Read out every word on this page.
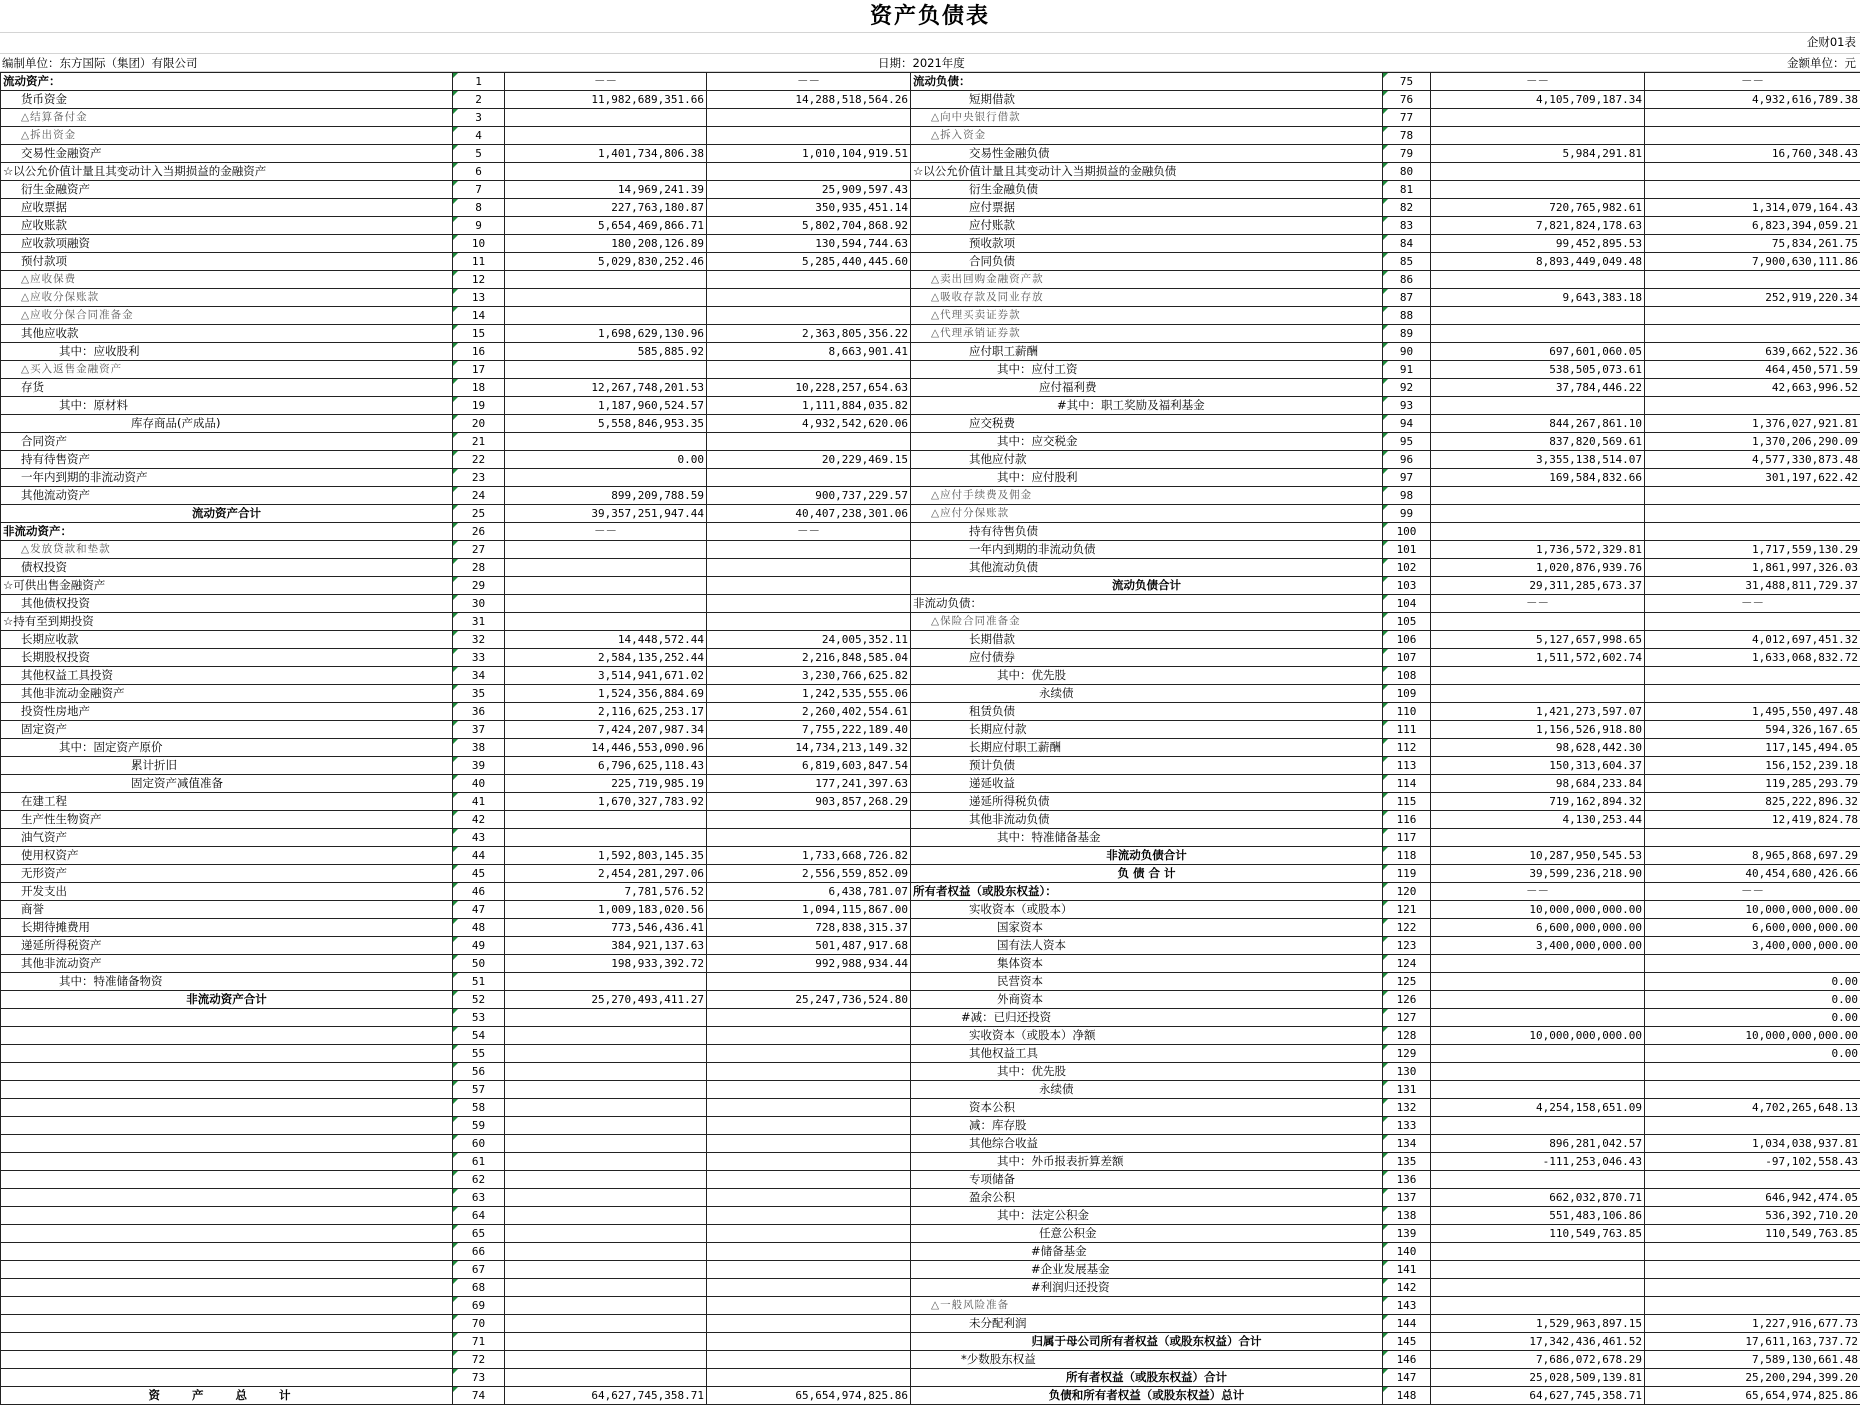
资产负债表
企财01表
编制单位：东方国际（集团）有限公司	日期：2021年度	金额单位：元
流动资产：	1	－－	－－	流动负债：	75	－－	－－
货币资金	2	11,982,689,351.66	14,288,518,564.26	短期借款	76	4,105,709,187.34	4,932,616,789.38
△结算备付金	3			△向中央银行借款	77		
△拆出资金	4			△拆入资金	78		
交易性金融资产	5	1,401,734,806.38	1,010,104,919.51	交易性金融负债	79	5,984,291.81	16,760,348.43
☆以公允价值计量且其变动计入当期损益的金融资产	6			☆以公允价值计量且其变动计入当期损益的金融负债	80		
衍生金融资产	7	14,969,241.39	25,909,597.43	衍生金融负债	81		
应收票据	8	227,763,180.87	350,935,451.14	应付票据	82	720,765,982.61	1,314,079,164.43
应收账款	9	5,654,469,866.71	5,802,704,868.92	应付账款	83	7,821,824,178.63	6,823,394,059.21
应收款项融资	10	180,208,126.89	130,594,744.63	预收款项	84	99,452,895.53	75,834,261.75
预付款项	11	5,029,830,252.46	5,285,440,445.60	合同负债	85	8,893,449,049.48	7,900,630,111.86
△应收保费	12			△卖出回购金融资产款	86		
△应收分保账款	13			△吸收存款及同业存放	87	9,643,383.18	252,919,220.34
△应收分保合同准备金	14			△代理买卖证券款	88		
其他应收款	15	1,698,629,130.96	2,363,805,356.22	△代理承销证券款	89		
其中：应收股利	16	585,885.92	8,663,901.41	应付职工薪酬	90	697,601,060.05	639,662,522.36
△买入返售金融资产	17			其中：应付工资	91	538,505,073.61	464,450,571.59
存货	18	12,267,748,201.53	10,228,257,654.63	应付福利费	92	37,784,446.22	42,663,996.52
其中：原材料	19	1,187,960,524.57	1,111,884,035.82	#其中：职工奖励及福利基金	93		
库存商品(产成品)	20	5,558,846,953.35	4,932,542,620.06	应交税费	94	844,267,861.10	1,376,027,921.81
合同资产	21			其中：应交税金	95	837,820,569.61	1,370,206,290.09
持有待售资产	22	0.00	20,229,469.15	其他应付款	96	3,355,138,514.07	4,577,330,873.48
一年内到期的非流动资产	23			其中：应付股利	97	169,584,832.66	301,197,622.42
其他流动资产	24	899,209,788.59	900,737,229.57	△应付手续费及佣金	98		
流动资产合计	25	39,357,251,947.44	40,407,238,301.06	△应付分保账款	99		
非流动资产：	26	－－	－－	持有待售负债	100		
△发放贷款和垫款	27			一年内到期的非流动负债	101	1,736,572,329.81	1,717,559,130.29
债权投资	28			其他流动负债	102	1,020,876,939.76	1,861,997,326.03
☆可供出售金融资产	29			流动负债合计	103	29,311,285,673.37	31,488,811,729.37
其他债权投资	30			非流动负债：	104	－－	－－
☆持有至到期投资	31			△保险合同准备金	105		
长期应收款	32	14,448,572.44	24,005,352.11	长期借款	106	5,127,657,998.65	4,012,697,451.32
长期股权投资	33	2,584,135,252.44	2,216,848,585.04	应付债券	107	1,511,572,602.74	1,633,068,832.72
其他权益工具投资	34	3,514,941,671.02	3,230,766,625.82	其中：优先股	108		
其他非流动金融资产	35	1,524,356,884.69	1,242,535,555.06	永续债	109		
投资性房地产	36	2,116,625,253.17	2,260,402,554.61	租赁负债	110	1,421,273,597.07	1,495,550,497.48
固定资产	37	7,424,207,987.34	7,755,222,189.40	长期应付款	111	1,156,526,918.80	594,326,167.65
其中：固定资产原价	38	14,446,553,090.96	14,734,213,149.32	长期应付职工薪酬	112	98,628,442.30	117,145,494.05
累计折旧	39	6,796,625,118.43	6,819,603,847.54	预计负债	113	150,313,604.37	156,152,239.18
固定资产减值准备	40	225,719,985.19	177,241,397.63	递延收益	114	98,684,233.84	119,285,293.79
在建工程	41	1,670,327,783.92	903,857,268.29	递延所得税负债	115	719,162,894.32	825,222,896.32
生产性生物资产	42			其他非流动负债	116	4,130,253.44	12,419,824.78
油气资产	43			其中：特准储备基金	117		
使用权资产	44	1,592,803,145.35	1,733,668,726.82	非流动负债合计	118	10,287,950,545.53	8,965,868,697.29
无形资产	45	2,454,281,297.06	2,556,559,852.09	负 债 合 计	119	39,599,236,218.90	40,454,680,426.66
开发支出	46	7,781,576.52	6,438,781.07	所有者权益（或股东权益）：	120	－－	－－
商誉	47	1,009,183,020.56	1,094,115,867.00	实收资本（或股本）	121	10,000,000,000.00	10,000,000,000.00
长期待摊费用	48	773,546,436.41	728,838,315.37	国家资本	122	6,600,000,000.00	6,600,000,000.00
递延所得税资产	49	384,921,137.63	501,487,917.68	国有法人资本	123	3,400,000,000.00	3,400,000,000.00
其他非流动资产	50	198,933,392.72	992,988,934.44	集体资本	124		
其中：特准储备物资	51			民营资本	125		0.00
非流动资产合计	52	25,270,493,411.27	25,247,736,524.80	外商资本	126		0.00
	53			#减：已归还投资	127		0.00
	54			实收资本（或股本）净额	128	10,000,000,000.00	10,000,000,000.00
	55			其他权益工具	129		0.00
	56			其中：优先股	130		
	57			永续债	131		
	58			资本公积	132	4,254,158,651.09	4,702,265,648.13
	59			减：库存股	133		
	60			其他综合收益	134	896,281,042.57	1,034,038,937.81
	61			其中：外币报表折算差额	135	-111,253,046.43	-97,102,558.43
	62			专项储备	136		
	63			盈余公积	137	662,032,870.71	646,942,474.05
	64			其中：法定公积金	138	551,483,106.86	536,392,710.20
	65			任意公积金	139	110,549,763.85	110,549,763.85
	66			#储备基金	140		
	67			#企业发展基金	141		
	68			#利润归还投资	142		
	69			△一般风险准备	143		
	70			未分配利润	144	1,529,963,897.15	1,227,916,677.73
	71			归属于母公司所有者权益（或股东权益）合计	145	17,342,436,461.52	17,611,163,737.72
	72			*少数股东权益	146	7,686,072,678.29	7,589,130,661.48
	73			所有者权益（或股东权益）合计	147	25,028,509,139.81	25,200,294,399.20
资 产 总 计	74	64,627,745,358.71	65,654,974,825.86	负债和所有者权益（或股东权益）总计	148	64,627,745,358.71	65,654,974,825.86
